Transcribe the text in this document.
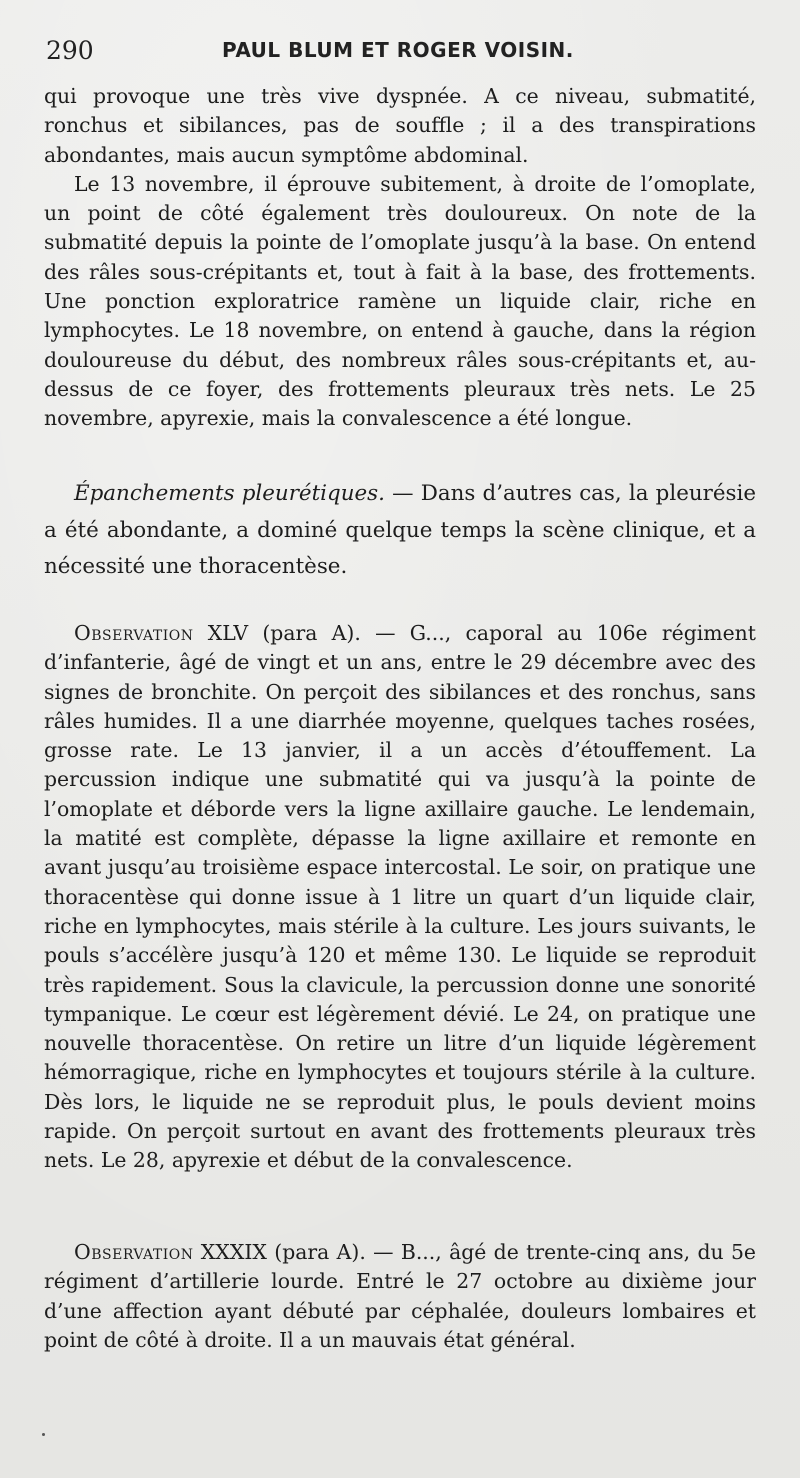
290	PAUL BLUM ET ROGER VOISIN.

qui provoque une très vive dyspnée. A ce niveau, submatité, ronchus et sibilances, pas de souffle ; il a des transpirations abondantes, mais aucun symptôme abdominal.

Le 13 novembre, il éprouve subitement, à droite de l’omoplate, un point de côté également très douloureux. On note de la submatité depuis la pointe de l’omoplate jusqu’à la base. On entend des râles sous-crépitants et, tout à fait à la base, des frottements. Une ponction exploratrice ramène un liquide clair, riche en lymphocytes. Le 18 novembre, on entend à gauche, dans la région douloureuse du début, des nombreux râles sous-crépitants et, au-dessus de ce foyer, des frottements pleuraux très nets. Le 25 novembre, apyrexie, mais la convalescence a été longue.

Épanchements pleurétiques. — Dans d’autres cas, la pleurésie a été abondante, a dominé quelque temps la scène clinique, et a nécessité une thoracentèse.

Observation XLV (para A). — G..., caporal au 106e régiment d’infanterie, âgé de vingt et un ans, entre le 29 décembre avec des signes de bronchite. On perçoit des sibilances et des ronchus, sans râles humides. Il a une diarrhée moyenne, quelques taches rosées, grosse rate. Le 13 janvier, il a un accès d’étouffement. La percussion indique une submatité qui va jusqu’à la pointe de l’omoplate et déborde vers la ligne axillaire gauche. Le lendemain, la matité est complète, dépasse la ligne axillaire et remonte en avant jusqu’au troisième espace intercostal. Le soir, on pratique une thoracentèse qui donne issue à 1 litre un quart d’un liquide clair, riche en lymphocytes, mais stérile à la culture. Les jours suivants, le pouls s’accélère jusqu’à 120 et même 130. Le liquide se reproduit très rapidement. Sous la clavicule, la percussion donne une sonorité tympanique. Le cœur est légèrement dévié. Le 24, on pratique une nouvelle thoracentèse. On retire un litre d’un liquide légèrement hémorragique, riche en lymphocytes et toujours stérile à la culture. Dès lors, le liquide ne se reproduit plus, le pouls devient moins rapide. On perçoit surtout en avant des frottements pleuraux très nets. Le 28, apyrexie et début de la convalescence.

Observation XXXIX (para A). — B..., âgé de trente-cinq ans, du 5e régiment d’artillerie lourde. Entré le 27 octobre au dixième jour d’une affection ayant débuté par céphalée, douleurs lombaires et point de côté à droite. Il a un mauvais état général.
